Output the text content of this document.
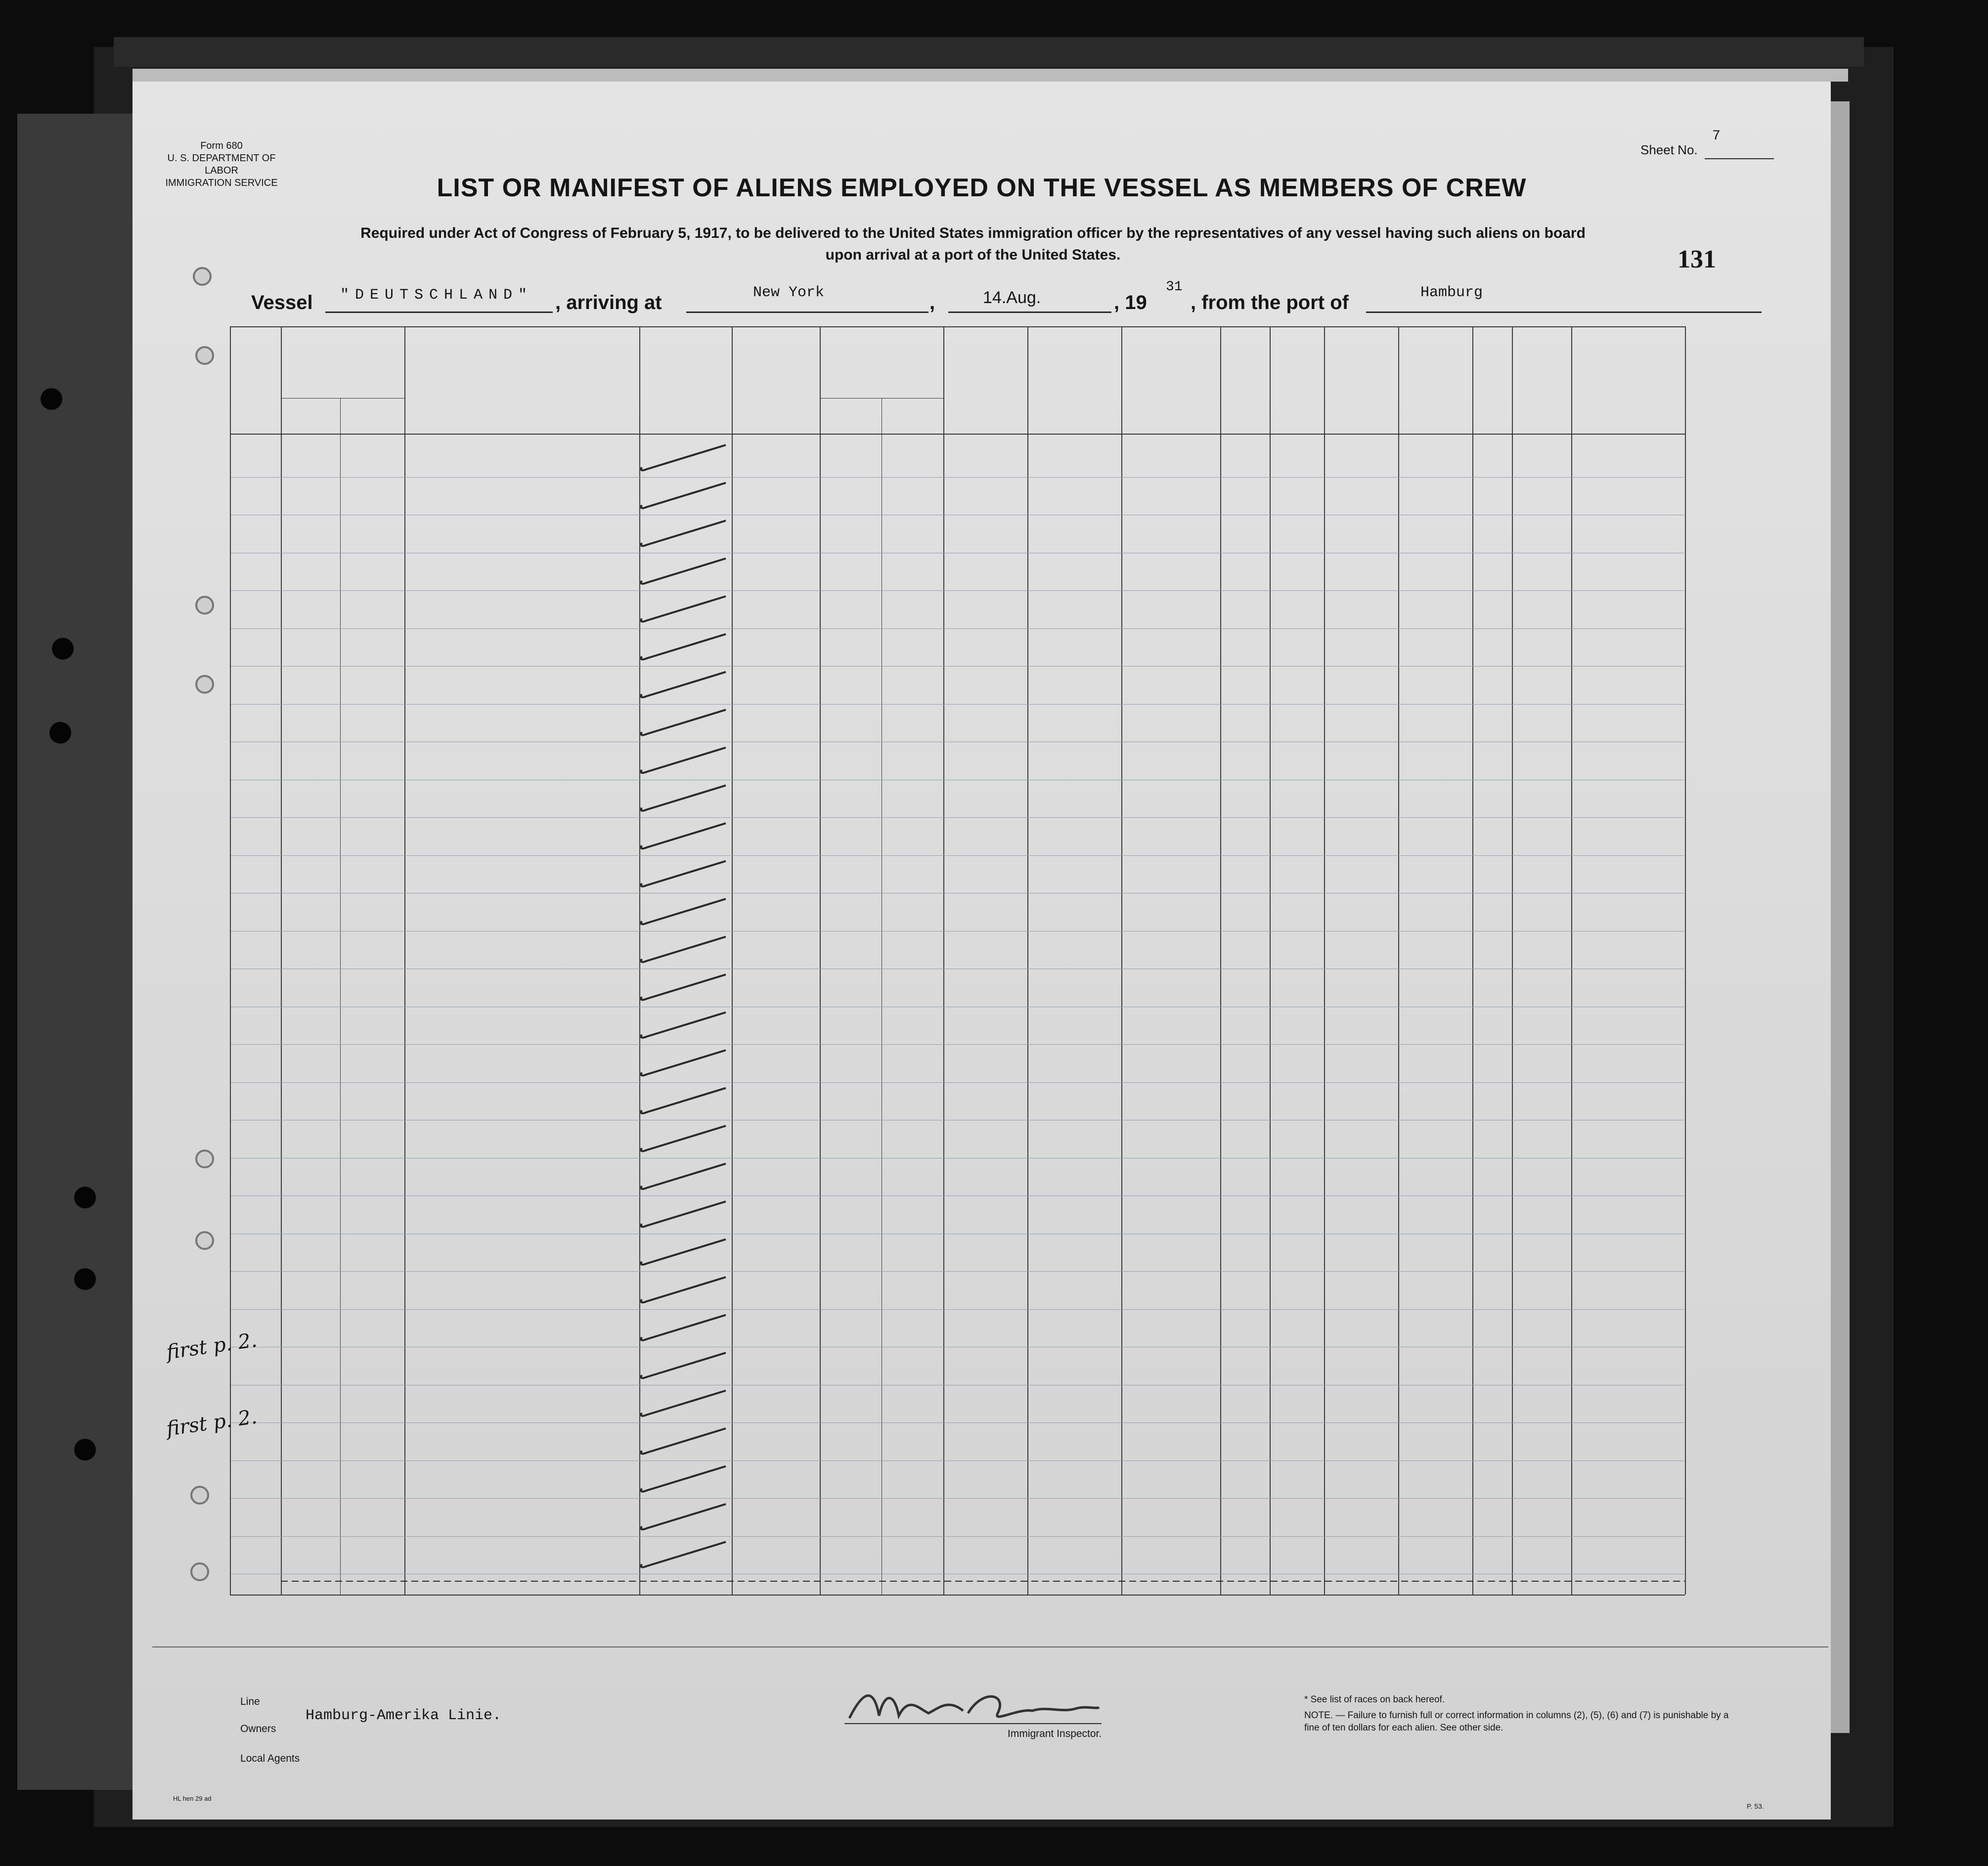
Form 680
U. S. DEPARTMENT OF LABOR
IMMIGRATION SERVICE
Sheet No.
7
131
LIST OR MANIFEST OF ALIENS EMPLOYED ON THE VESSEL AS MEMBERS OF CREW
Required under Act of Congress of February 5, 1917, to be delivered to the United States immigration officer by the representatives of any vessel having such aliens on board
upon arrival at a port of the United States.
Vessel "DEUTSCHLAND" , arriving at	New York	,	14.Aug.	, 19
31
, from the port of	Hamburg
first p. 2.
first p. 2.
Line
Owners
Local Agents
Hamburg-Amerika Linie.
Immigrant Inspector.
* See list of races on back hereof.
NOTE. — Failure to furnish full or correct information in columns (2), (5), (6) and (7) is punishable by a fine of ten dollars for each alien. See other side.
HL hen 29 ad
P. 53.
